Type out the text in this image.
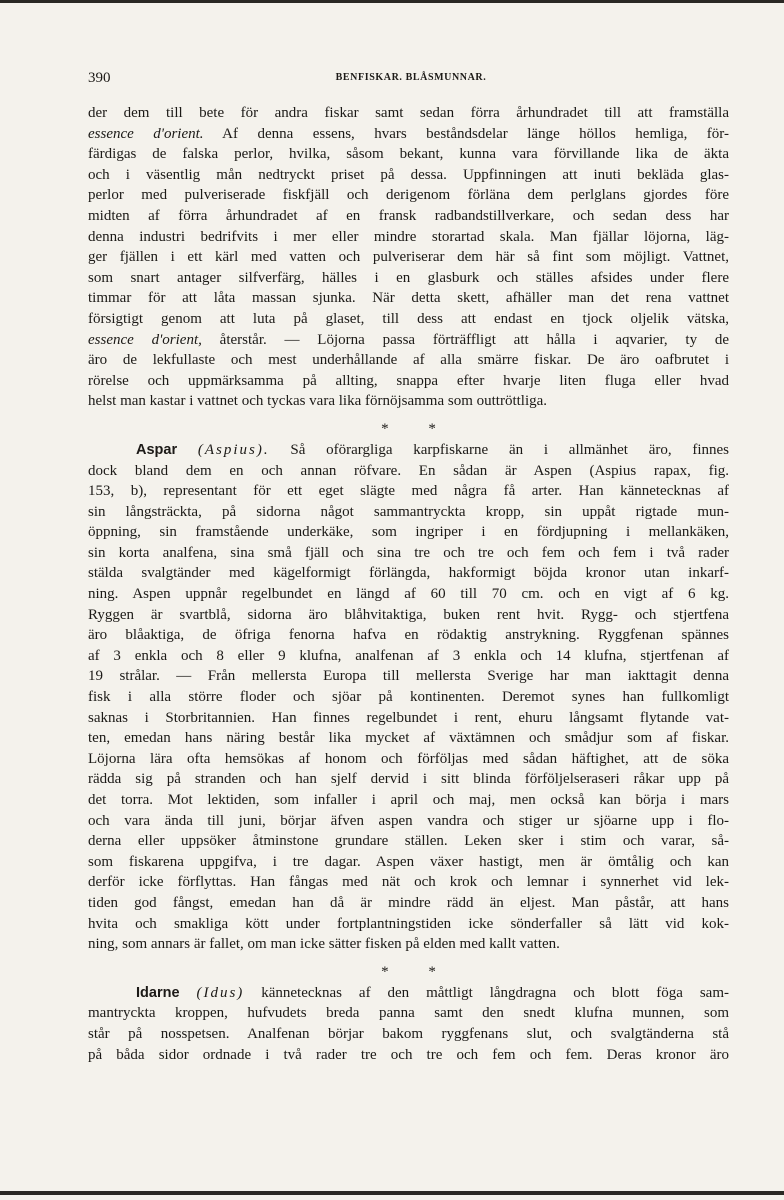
390	BENFISKAR. BLÅSMUNNAR.
der dem till bete för andra fiskar samt sedan förra århundradet till att framställa
essence d'orient. Af denna essens, hvars beståndsdelar länge höllos hemliga, för-
färdigas de falska perlor, hvilka, såsom bekant, kunna vara förvillande lika de äkta
och i väsentlig mån nedtryckt priset på dessa. Uppfinningen att inuti bekläda glas-
perlor med pulveriserade fiskfjäll och derigenom förläna dem perlglans gjordes före
midten af förra århundradet af en fransk radbandstillverkare, och sedan dess har
denna industri bedrifvits i mer eller mindre storartad skala. Man fjällar löjorna, läg-
ger fjällen i ett kärl med vatten och pulveriserar dem här så fint som möjligt. Vattnet,
som snart antager silfverfärg, hälles i en glasburk och ställes afsides under flere
timmar för att låta massan sjunka. När detta skett, afhäller man det rena vattnet
försigtigt genom att luta på glaset, till dess att endast en tjock oljelik vätska,
essence d'orient, återstår. — Löjorna passa förträffligt att hålla i aqvarier, ty de
äro de lekfullaste och mest underhållande af alla smärre fiskar. De äro oafbrutet i
rörelse och uppmärksamma på allting, snappa efter hvarje liten fluga eller hvad
helst man kastar i vattnet och tyckas vara lika förnöjsamma som outtröttliga.
* *
Aspar (Aspius). Så oförargliga karpfiskarne än i allmänhet äro, finnes
dock bland dem en och annan röfvare. En sådan är Aspen (Aspius rapax, fig.
153, b), representant för ett eget slägte med några få arter. Han kännetecknas af
sin långsträckta, på sidorna något sammantryckta kropp, sin uppåt rigtade mun-
öppning, sin framstående underkäke, som ingriper i en fördjupning i mellankäken,
sin korta analfena, sina små fjäll och sina tre och tre och fem och fem i två rader
stälda svalgtänder med kägelformigt förlängda, hakformigt böjda kronor utan inkarf-
ning. Aspen uppnår regelbundet en längd af 60 till 70 cm. och en vigt af 6 kg.
Ryggen är svartblå, sidorna äro blåhvitaktiga, buken rent hvit. Rygg- och stjertfena
äro blåaktiga, de öfriga fenorna hafva en rödaktig anstrykning. Ryggfenan spännes
af 3 enkla och 8 eller 9 klufna, analfenan af 3 enkla och 14 klufna, stjertfenan af
19 strålar. — Från mellersta Europa till mellersta Sverige har man iakttagit denna
fisk i alla större floder och sjöar på kontinenten. Deremot synes han fullkomligt
saknas i Storbritannien. Han finnes regelbundet i rent, ehuru långsamt flytande vat-
ten, emedan hans näring består lika mycket af växtämnen och smådjur som af fiskar.
Löjorna lära ofta hemsökas af honom och förföljas med sådan häftighet, att de söka
rädda sig på stranden och han sjelf dervid i sitt blinda förföljelseraseri råkar upp på
det torra. Mot lektiden, som infaller i april och maj, men också kan börja i mars
och vara ända till juni, börjar äfven aspen vandra och stiger ur sjöarne upp i flo-
derna eller uppsöker åtminstone grundare ställen. Leken sker i stim och varar, så-
som fiskarena uppgifva, i tre dagar. Aspen växer hastigt, men är ömtålig och kan
derför icke förflyttas. Han fångas med nät och krok och lemnar i synnerhet vid lek-
tiden god fångst, emedan han då är mindre rädd än eljest. Man påstår, att hans
hvita och smakliga kött under fortplantningstiden icke sönderfaller så lätt vid kok-
ning, som annars är fallet, om man icke sätter fisken på elden med kallt vatten.
* *
Idarne (Idus) kännetecknas af den måttligt långdragna och blott föga sam-
mantryckta kroppen, hufvudets breda panna samt den snedt klufna munnen, som
står på nosspetsen. Analfenan börjar bakom ryggfenans slut, och svalgtänderna stå
på båda sidor ordnade i två rader tre och tre och fem och fem. Deras kronor äro
